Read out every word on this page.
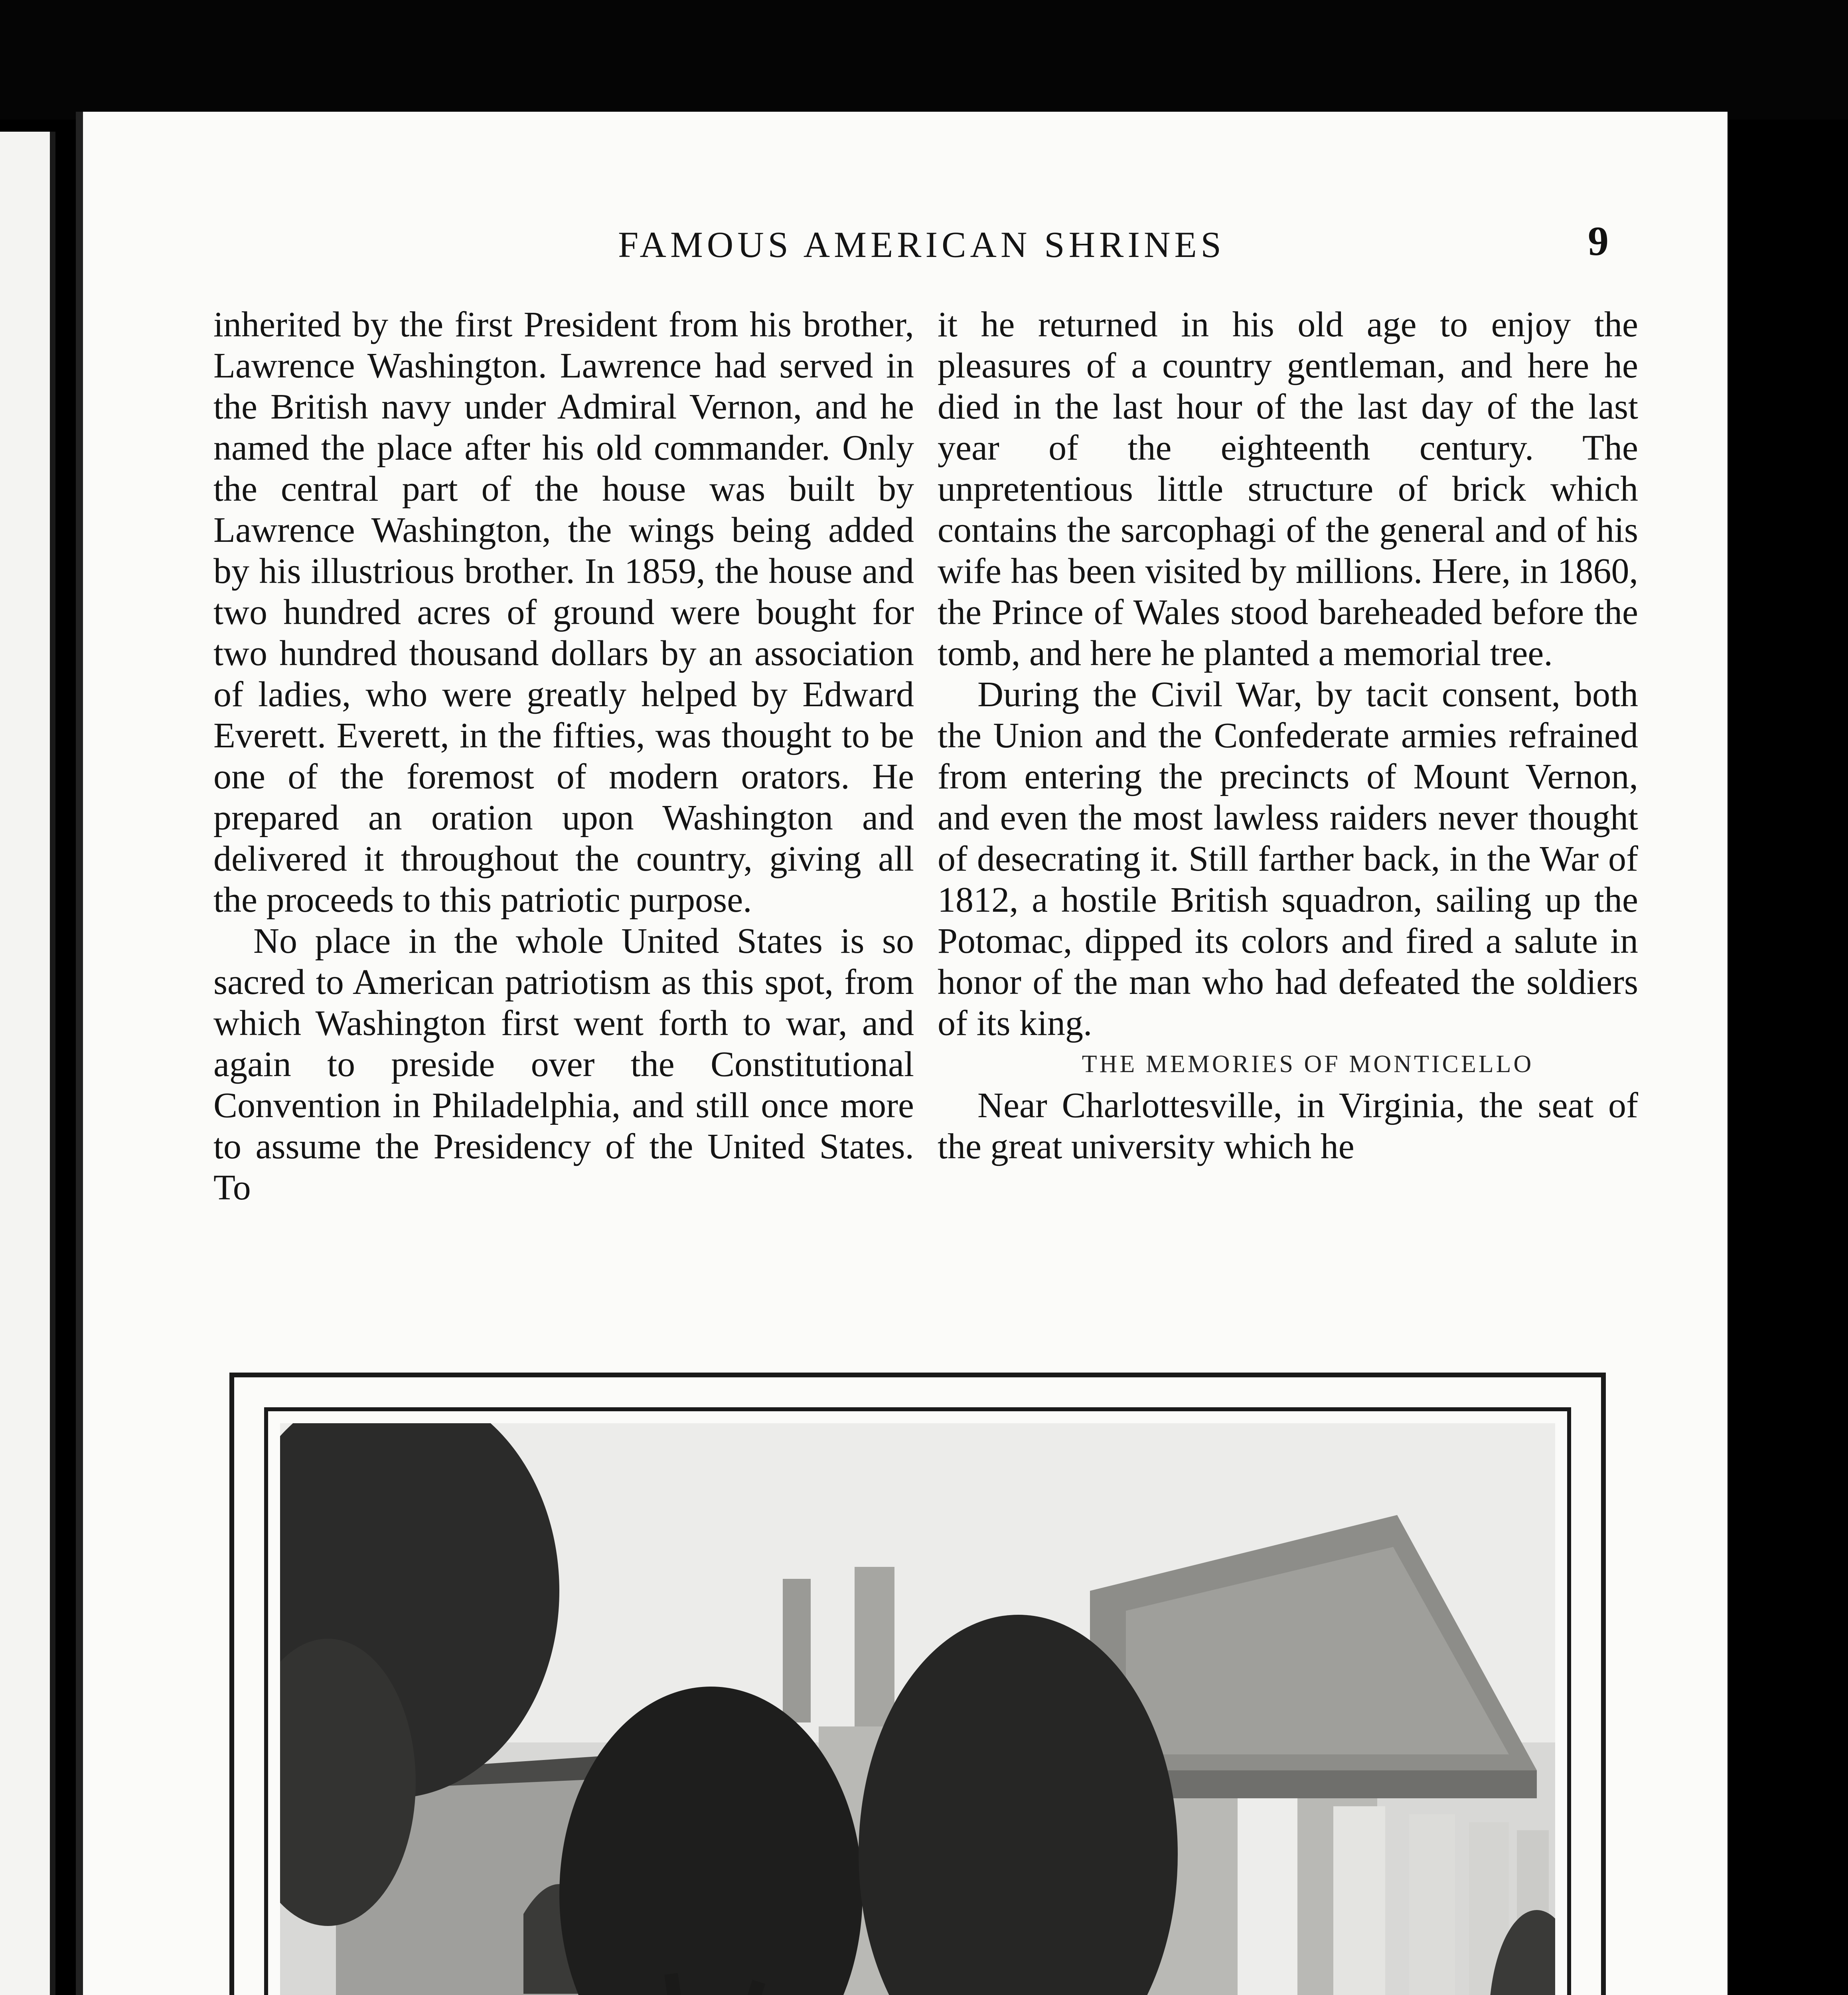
FAMOUS AMERICAN SHRINES	9

inherited by the first President from his brother, Lawrence Washington. Lawrence had served in the British navy under Admiral Vernon, and he named the place after his old commander. Only the central part of the house was built by Lawrence Washington, the wings being added by his illustrious brother. In 1859, the house and two hundred acres of ground were bought for two hundred thousand dollars by an association of ladies, who were greatly helped by Edward Everett. Everett, in the fifties, was thought to be one of the foremost of modern orators. He prepared an oration upon Washington and delivered it throughout the country, giving all the proceeds to this patriotic purpose.

No place in the whole United States is so sacred to American patriotism as this spot, from which Washington first went forth to war, and again to preside over the Constitutional Convention in Philadelphia, and still once more to assume the Presidency of the United States. To

it he returned in his old age to enjoy the pleasures of a country gentleman, and here he died in the last hour of the last day of the last year of the eighteenth century. The unpretentious little structure of brick which contains the sarcophagi of the general and of his wife has been visited by millions. Here, in 1860, the Prince of Wales stood bareheaded before the tomb, and here he planted a memorial tree.

During the Civil War, by tacit consent, both the Union and the Confederate armies refrained from entering the precincts of Mount Vernon, and even the most lawless raiders never thought of desecrating it. Still farther back, in the War of 1812, a hostile British squadron, sailing up the Potomac, dipped its colors and fired a salute in honor of the man who had defeated the soldiers of its king.

THE MEMORIES OF MONTICELLO

Near Charlottesville, in Virginia, the seat of the great university which he
